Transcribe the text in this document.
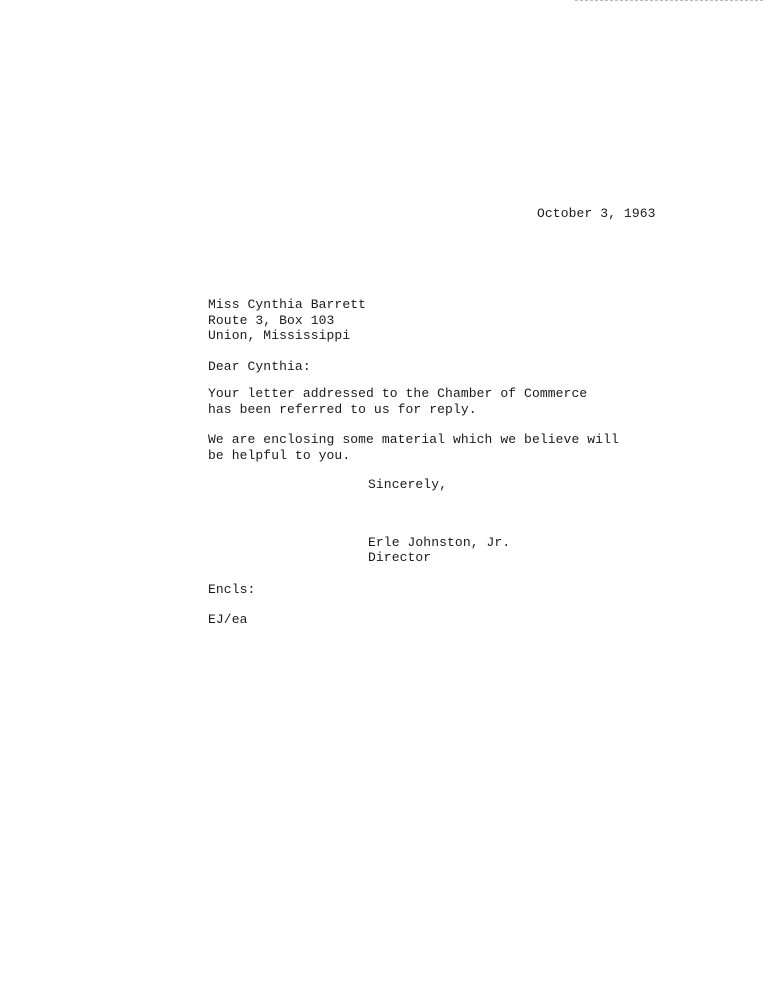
October 3, 1963
Miss Cynthia Barrett
Route 3, Box 103
Union, Mississippi
Dear Cynthia:
Your letter addressed to the Chamber of Commerce
has been referred to us for reply.
We are enclosing some material which we believe will
be helpful to you.
Sincerely,
Erle Johnston, Jr.
Director
Encls:
EJ/ea
